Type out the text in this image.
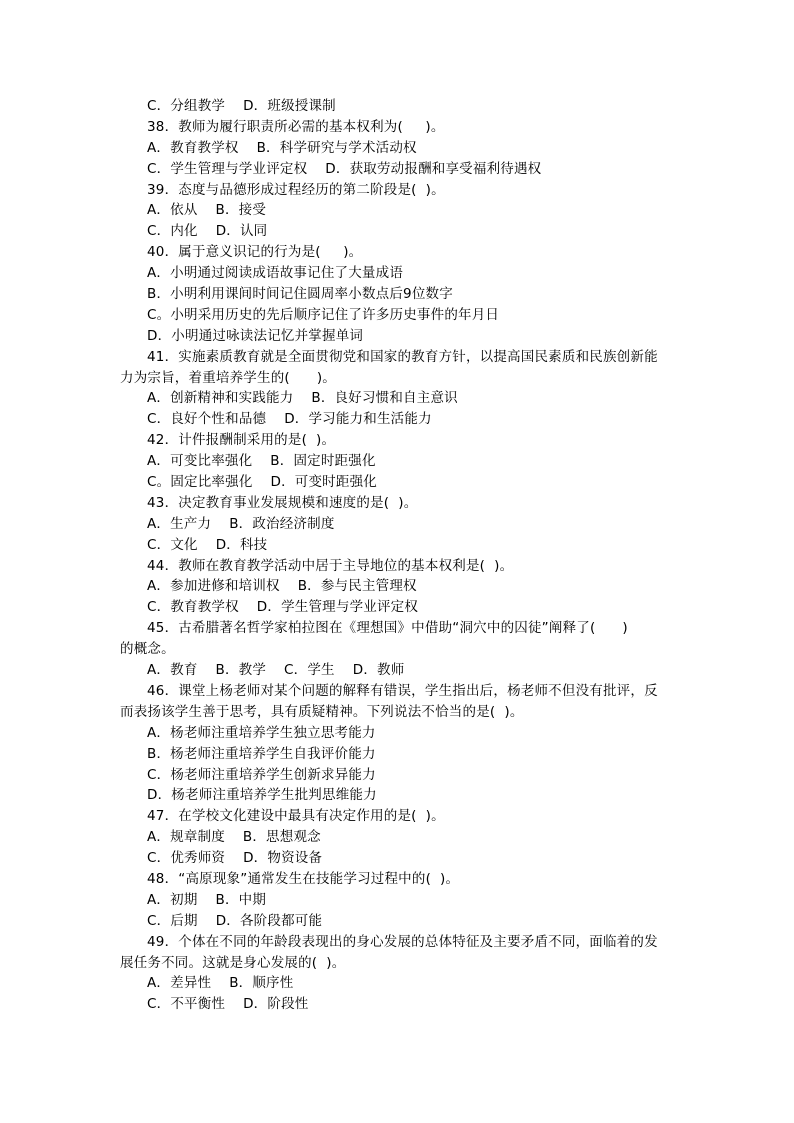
C．分组教学    D．班级授课制
38．教师为履行职责所必需的基本权利为(     )。
A．教育教学权    B．科学研究与学术活动权
C．学生管理与学业评定权    D．获取劳动报酬和享受福利待遇权
39．态度与品德形成过程经历的第二阶段是(  )。
A．依从    B．接受
C．内化    D．认同
40．属于意义识记的行为是(     )。
A．小明通过阅读成语故事记住了大量成语
B．小明利用课间时间记住圆周率小数点后9位数字
C。小明采用历史的先后顺序记住了许多历史事件的年月日
D．小明通过咏读法记忆并掌握单词
41．实施素质教育就是全面贯彻党和国家的教育方针，以提高国民素质和民族创新能
力为宗旨，着重培养学生的(      )。
A．创新精神和实践能力    B．良好习惯和自主意识
C．良好个性和品德    D．学习能力和生活能力
42．计件报酬制采用的是(  )。
A．可变比率强化    B．固定时距强化
C。固定比率强化    D．可变时距强化
43．决定教育事业发展规模和速度的是(  )。
A．生产力    B．政治经济制度
C．文化    D．科技
44．教师在教育教学活动中居于主导地位的基本权利是(  )。
A．参加进修和培训权    B．参与民主管理权
C．教育教学权    D．学生管理与学业评定权
45．古希腊著名哲学家柏拉图在《理想国》中借助“洞穴中的囚徒”阐释了(      )
的概念。
A．教育    B．教学    C．学生    D．教师
46．课堂上杨老师对某个问题的解释有错误，学生指出后，杨老师不但没有批评，反
而表扬该学生善于思考，具有质疑精神。下列说法不恰当的是(  )。
A．杨老师注重培养学生独立思考能力
B．杨老师注重培养学生自我评价能力
C．杨老师注重培养学生创新求异能力
D．杨老师注重培养学生批判思维能力
47．在学校文化建设中最具有决定作用的是(  )。
A．规章制度    B．思想观念
C．优秀师资    D．物资设备
48．“高原现象”通常发生在技能学习过程中的(  )。
A．初期    B．中期
C．后期    D．各阶段都可能
49．个体在不同的年龄段表现出的身心发展的总体特征及主要矛盾不同，面临着的发
展任务不同。这就是身心发展的(  )。
A．差异性    B．顺序性
C．不平衡性    D．阶段性
